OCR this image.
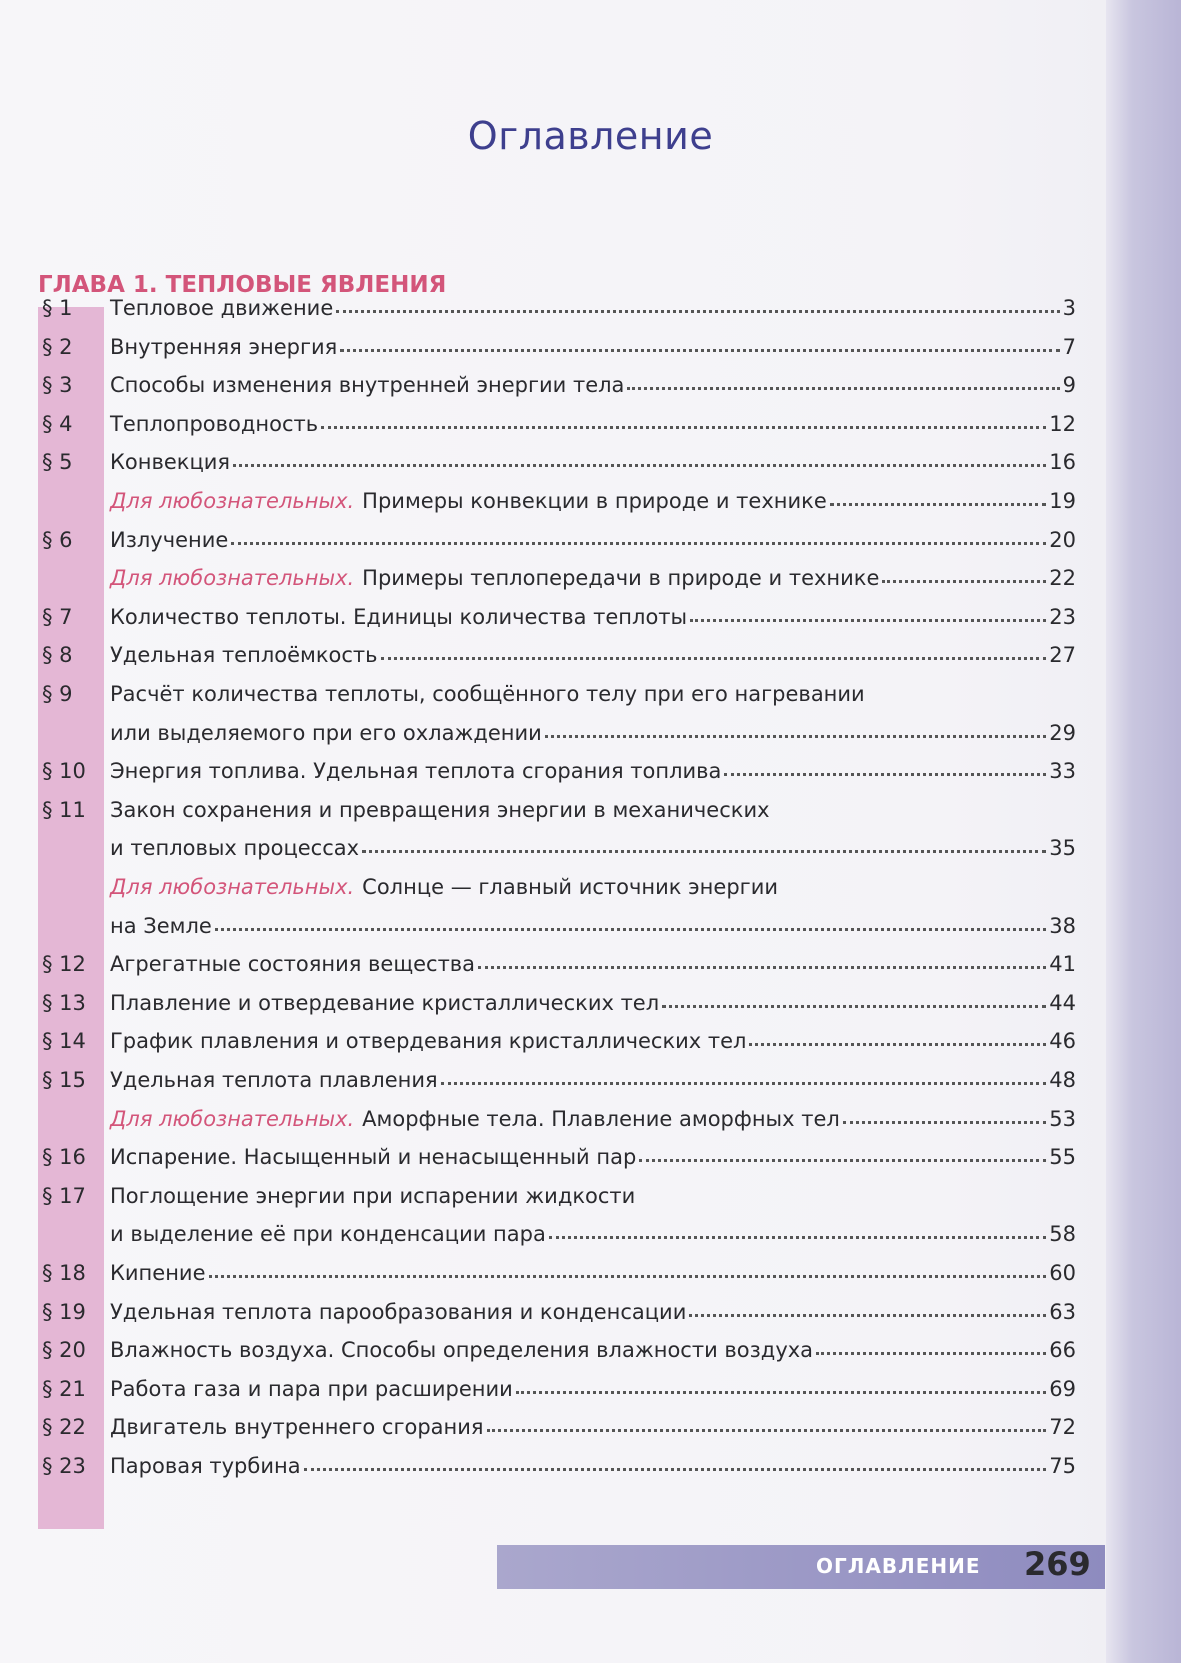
Оглавление
ГЛАВА 1. ТЕПЛОВЫЕ ЯВЛЕНИЯ
§ 1	Тепловое движение	3
§ 2	Внутренняя энергия	7
§ 3	Способы изменения внутренней энергии тела	9
§ 4	Теплопроводность	12
§ 5	Конвекция	16
Для любознательных. Примеры конвекции в природе и технике	19
§ 6	Излучение	20
Для любознательных. Примеры теплопередачи в природе и технике	22
§ 7	Количество теплоты. Единицы количества теплоты	23
§ 8	Удельная теплоёмкость	27
§ 9	Расчёт количества теплоты, сообщённого телу при его нагревании
или выделяемого при его охлаждении	29
§ 10	Энергия топлива. Удельная теплота сгорания топлива	33
§ 11	Закон сохранения и превращения энергии в механических
и тепловых процессах	35
Для любознательных. Солнце — главный источник энергии
на Земле	38
§ 12	Агрегатные состояния вещества	41
§ 13	Плавление и отвердевание кристаллических тел	44
§ 14	График плавления и отвердевания кристаллических тел	46
§ 15	Удельная теплота плавления	48
Для любознательных. Аморфные тела. Плавление аморфных тел	53
§ 16	Испарение. Насыщенный и ненасыщенный пар	55
§ 17	Поглощение энергии при испарении жидкости
и выделение её при конденсации пара	58
§ 18	Кипение	60
§ 19	Удельная теплота парообразования и конденсации	63
§ 20	Влажность воздуха. Способы определения влажности воздуха	66
§ 21	Работа газа и пара при расширении	69
§ 22	Двигатель внутреннего сгорания	72
§ 23	Паровая турбина	75
ОГЛАВЛЕНИЕ 269
